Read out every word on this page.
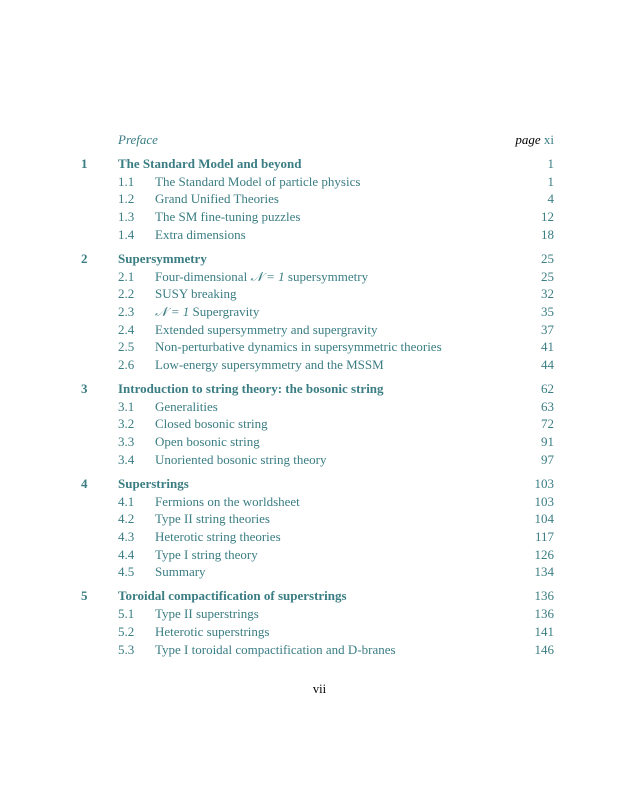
Preface	page xi
1 The Standard Model and beyond	1
1.1 The Standard Model of particle physics	1
1.2 Grand Unified Theories	4
1.3 The SM fine-tuning puzzles	12
1.4 Extra dimensions	18
2 Supersymmetry	25
2.1 Four-dimensional 𝒩 = 1 supersymmetry	25
2.2 SUSY breaking	32
2.3 𝒩 = 1 Supergravity	35
2.4 Extended supersymmetry and supergravity	37
2.5 Non-perturbative dynamics in supersymmetric theories	41
2.6 Low-energy supersymmetry and the MSSM	44
3 Introduction to string theory: the bosonic string	62
3.1 Generalities	63
3.2 Closed bosonic string	72
3.3 Open bosonic string	91
3.4 Unoriented bosonic string theory	97
4 Superstrings	103
4.1 Fermions on the worldsheet	103
4.2 Type II string theories	104
4.3 Heterotic string theories	117
4.4 Type I string theory	126
4.5 Summary	134
5 Toroidal compactification of superstrings	136
5.1 Type II superstrings	136
5.2 Heterotic superstrings	141
5.3 Type I toroidal compactification and D-branes	146
vii
